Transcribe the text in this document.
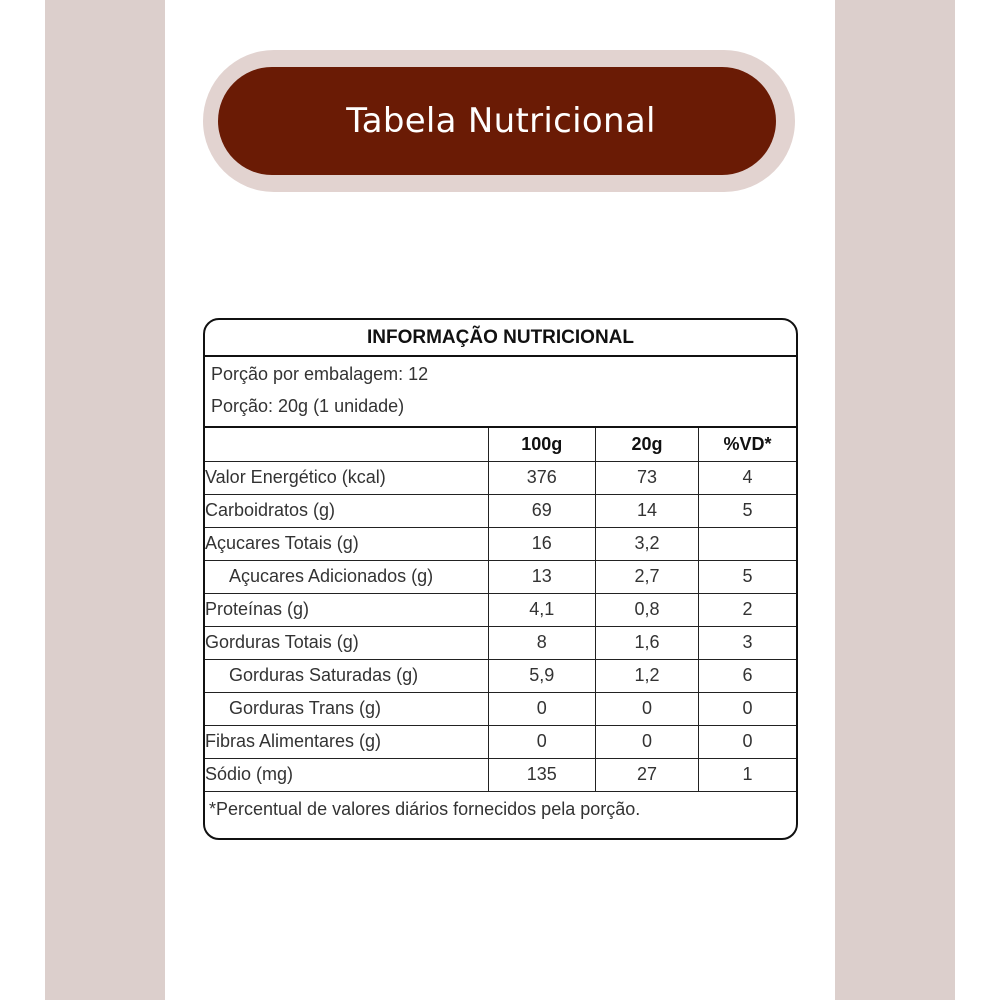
Tabela Nutricional
INFORMAÇÃO NUTRICIONAL
Porção por embalagem: 12
Porção: 20g (1 unidade)
	100g	20g	%VD*
Valor Energético (kcal)	376	73	4
Carboidratos (g)	69	14	5
Açucares Totais (g)	16	3,2	
Açucares Adicionados (g)	13	2,7	5
Proteínas (g)	4,1	0,8	2
Gorduras Totais (g)	8	1,6	3
Gorduras Saturadas (g)	5,9	1,2	6
Gorduras Trans (g)	0	0	0
Fibras Alimentares (g)	0	0	0
Sódio (mg)	135	27	1
*Percentual de valores diários fornecidos pela porção.
